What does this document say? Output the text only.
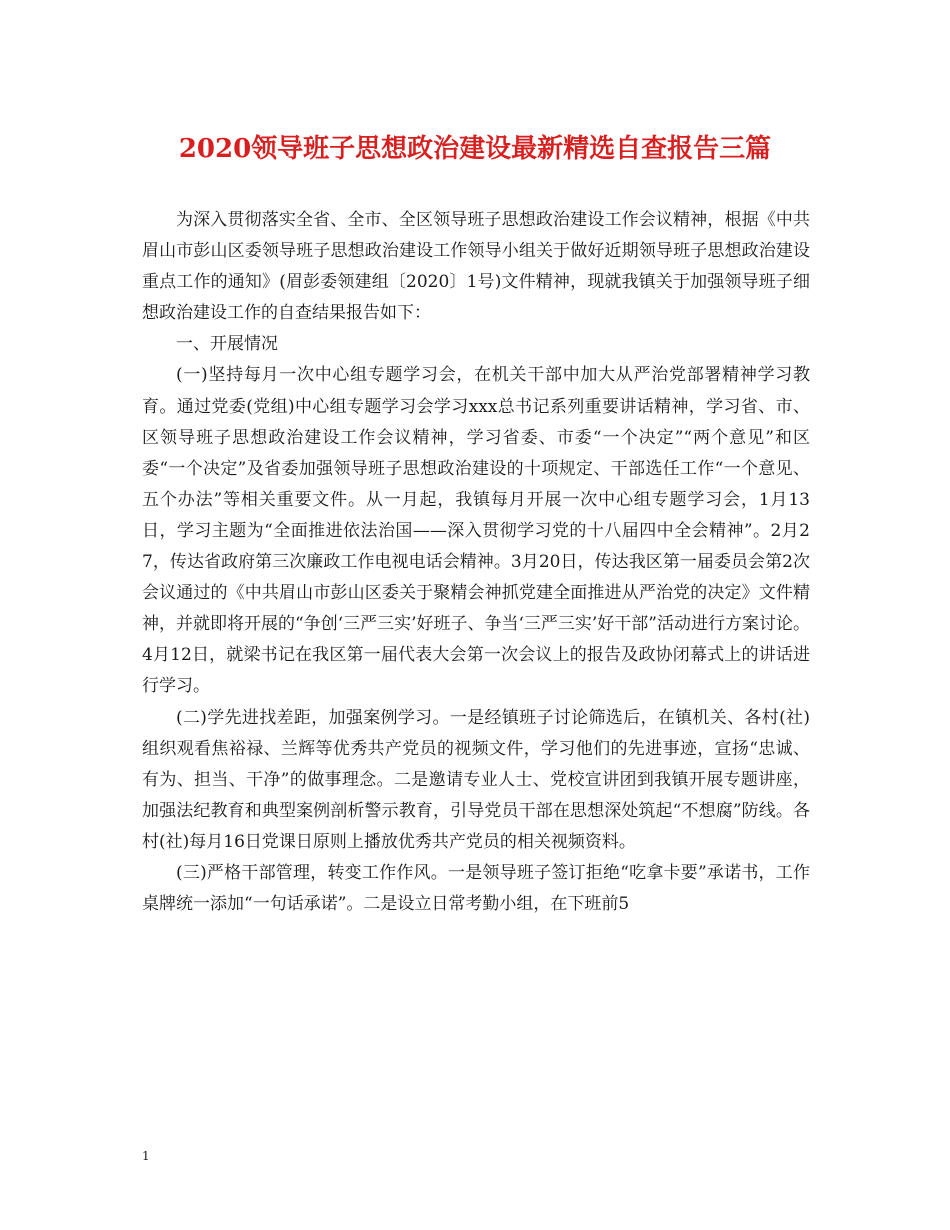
2020领导班子思想政治建设最新精选自查报告三篇

为深入贯彻落实全省、全市、全区领导班子思想政治建设工作会议精神，根据《中共眉山市彭山区委领导班子思想政治建设工作领导小组关于做好近期领导班子思想政治建设重点工作的通知》(眉彭委领建组〔2020〕1号)文件精神，现就我镇关于加强领导班子细想政治建设工作的自查结果报告如下：

一、开展情况

(一)坚持每月一次中心组专题学习会，在机关干部中加大从严治党部署精神学习教育。通过党委(党组)中心组专题学习会学习xxx总书记系列重要讲话精神，学习省、市、区领导班子思想政治建设工作会议精神，学习省委、市委“一个决定”“两个意见”和区委“一个决定”及省委加强领导班子思想政治建设的十项规定、干部选任工作“一个意见、五个办法”等相关重要文件。从一月起，我镇每月开展一次中心组专题学习会，1月13日，学习主题为“全面推进依法治国——深入贯彻学习党的十八届四中全会精神”。2月27，传达省政府第三次廉政工作电视电话会精神。3月20日，传达我区第一届委员会第2次会议通过的《中共眉山市彭山区委关于聚精会神抓党建全面推进从严治党的决定》文件精神，并就即将开展的“争创‘三严三实’好班子、争当‘三严三实’好干部”活动进行方案讨论。4月12日，就梁书记在我区第一届代表大会第一次会议上的报告及政协闭幕式上的讲话进行学习。

(二)学先进找差距，加强案例学习。一是经镇班子讨论筛选后，在镇机关、各村(社)组织观看焦裕禄、兰辉等优秀共产党员的视频文件，学习他们的先进事迹，宣扬“忠诚、有为、担当、干净”的做事理念。二是邀请专业人士、党校宣讲团到我镇开展专题讲座，加强法纪教育和典型案例剖析警示教育，引导党员干部在思想深处筑起“不想腐”防线。各村(社)每月16日党课日原则上播放优秀共产党员的相关视频资料。

(三)严格干部管理，转变工作作风。一是领导班子签订拒绝“吃拿卡要”承诺书，工作桌牌统一添加“一句话承诺”。二是设立日常考勤小组，在下班前5

1
